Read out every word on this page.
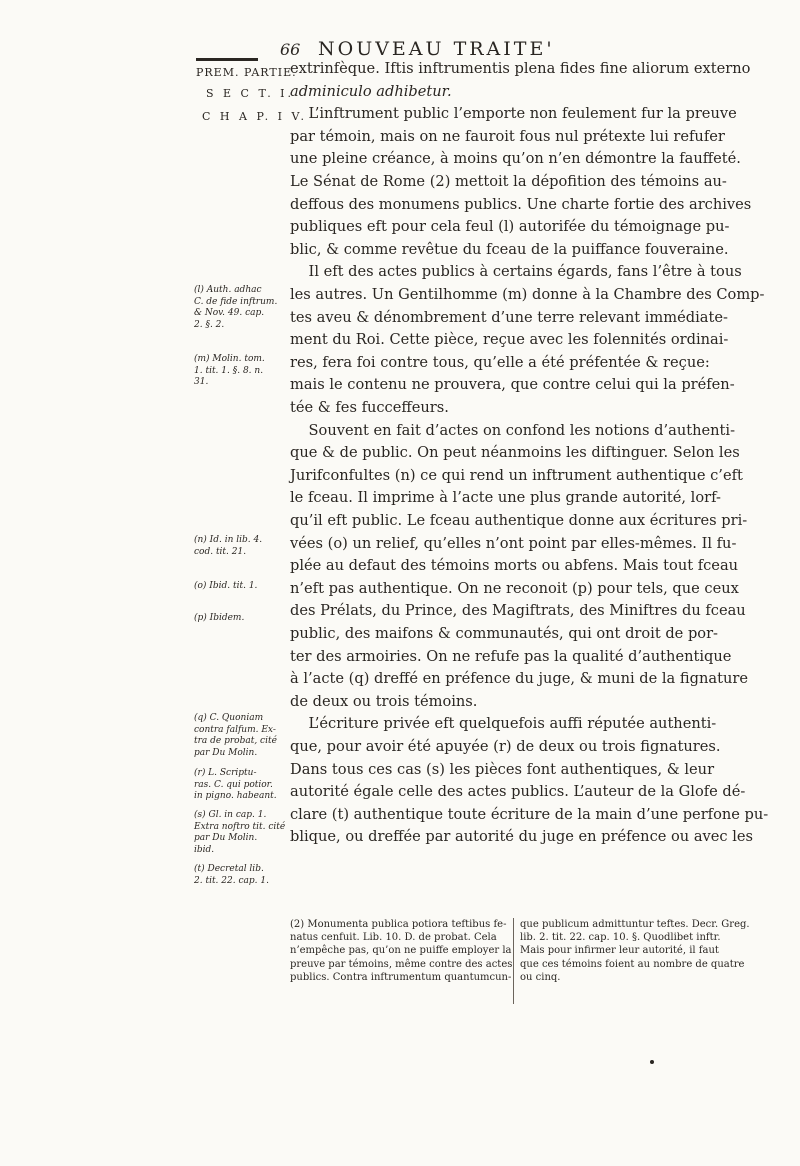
66 NOUVEAU TRAITE'
PREM. PARTIE.
S E C T. I.
C H A P. I V.
(l) Auth. adhac
C. de fide inftrum.
& Nov. 49. cap.
2. §. 2.
(m) Molin. tom.
1. tit. 1. §. 8. n.
31.
(n) Id. in lib. 4.
cod. tit. 21.
(o) Ibid. tit. 1.
(p) Ibidem.
(q) C. Quoniam
contra falfum. Ex-
tra de probat, cité
par Du Molin.
(r) L. Scriptu-
ras. C. qui potior.
in pigno. habeant.
(s) Gl. in cap. 1.
Extra noftro tit. cité
par Du Molin.
ibid.
(t) Decretal lib.
2. tit. 22. cap. 1.
extrinfèque. Iftis inftrumentis plena fides fine aliorum externo
adminiculo adhibetur.
L’inftrument public l’emporte non feulement fur la preuve
par témoin, mais on ne fauroit fous nul prétexte lui refufer
une pleine créance, à moins qu’on n’en démontre la fauffeté.
Le Sénat de Rome (2) mettoit la dépofition des témoins au-
deffous des monumens publics. Une charte fortie des archives
publiques eft pour cela feul (l) autorifée du témoignage pu-
blic, & comme revêtue du fceau de la puiffance fouveraine.
Il eft des actes publics à certains égards, fans l’être à tous
les autres. Un Gentilhomme (m) donne à la Chambre des Comp-
tes aveu & dénombrement d’une terre relevant immédiate-
ment du Roi. Cette pièce, reçue avec les folennités ordinai-
res, fera foi contre tous, qu’elle a été préfentée & reçue:
mais le contenu ne prouvera, que contre celui qui la préfen-
tée & fes fucceffeurs.
Souvent en fait d’actes on confond les notions d’authenti-
que & de public. On peut néanmoins les diftinguer. Selon les
Jurifconfultes (n) ce qui rend un inftrument authentique c’eft
le fceau. Il imprime à l’acte une plus grande autorité, lorf-
qu’il eft public. Le fceau authentique donne aux écritures pri-
vées (o) un relief, qu’elles n’ont point par elles-mêmes. Il fu-
plée au defaut des témoins morts ou abfens. Mais tout fceau
n’eft pas authentique. On ne reconoit (p) pour tels, que ceux
des Prélats, du Prince, des Magiftrats, des Miniftres du fceau
public, des maifons & communautés, qui ont droit de por-
ter des armoiries. On ne refufe pas la qualité d’authentique
à l’acte (q) dreffé en préfence du juge, & muni de la fignature
de deux ou trois témoins.
L’écriture privée eft quelquefois auffi réputée authenti-
que, pour avoir été apuyée (r) de deux ou trois fignatures.
Dans tous ces cas (s) les pièces font authentiques, & leur
autorité égale celle des actes publics. L’auteur de la Glofe dé-
clare (t) authentique toute écriture de la main d’une perfone pu-
blique, ou dreffée par autorité du juge en préfence ou avec les
(2) Monumenta publica potiora teftibus fe-
natus cenfuit. Lib. 10. D. de probat. Cela
n’empêche pas, qu’on ne puiffe employer la
preuve par témoins, même contre des actes
publics. Contra inftrumentum quantumcun-
que publicum admittuntur teftes. Decr. Greg.
lib. 2. tit. 22. cap. 10. §. Quodlibet inftr.
Mais pour infirmer leur autorité, il faut
que ces témoins foient au nombre de quatre
ou cinq.
